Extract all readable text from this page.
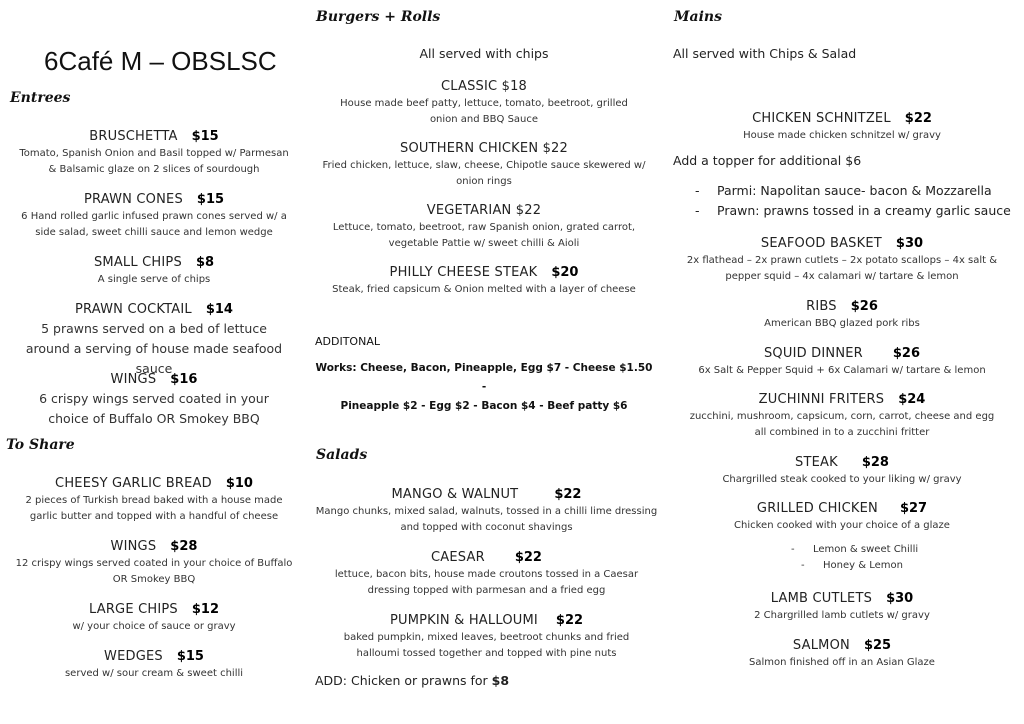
6Café M – OBSLSC
Entrees
BRUSCHETTA $15
Tomato, Spanish Onion and Basil topped w/ Parmesan & Balsamic glaze on 2 slices of sourdough
PRAWN CONES $15
6 Hand rolled garlic infused prawn cones served w/ a side salad, sweet chilli sauce and lemon wedge
SMALL CHIPS $8
A single serve of chips
PRAWN COCKTAIL $14
5 prawns served on a bed of lettuce around a serving of house made seafood sauce
WINGS $16
6 crispy wings served coated in your choice of Buffalo OR Smokey BBQ
To Share
CHEESY GARLIC BREAD $10
2 pieces of Turkish bread baked with a house made garlic butter and topped with a handful of cheese
WINGS $28
12 crispy wings served coated in your choice of Buffalo OR Smokey BBQ
LARGE CHIPS $12
w/ your choice of sauce or gravy
WEDGES $15
served w/ sour cream & sweet chilli
Burgers + Rolls
All served with chips
CLASSIC $18
House made beef patty, lettuce, tomato, beetroot, grilled onion and BBQ Sauce
SOUTHERN CHICKEN $22
Fried chicken, lettuce, slaw, cheese, Chipotle sauce skewered w/ onion rings
VEGETARIAN $22
Lettuce, tomato, beetroot, raw Spanish onion, grated carrot, vegetable Pattie w/ sweet chilli & Aioli
PHILLY CHEESE STEAK $20
Steak, fried capsicum & Onion melted with a layer of cheese
ADDITONAL
Works: Cheese, Bacon, Pineapple, Egg $7 - Cheese $1.50 -
Pineapple $2 - Egg $2 - Bacon $4 - Beef patty $6
Salads
MANGO & WALNUT	$22
Mango chunks, mixed salad, walnuts, tossed in a chilli lime dressing and topped with coconut shavings
CAESAR $22
lettuce, bacon bits, house made croutons tossed in a Caesar dressing topped with parmesan and a fried egg
PUMPKIN & HALLOUMI $22
baked pumpkin, mixed leaves, beetroot chunks and fried halloumi tossed together and topped with pine nuts
ADD: Chicken or prawns for $8
Mains
All served with Chips & Salad
CHICKEN SCHNITZEL $22
House made chicken schnitzel w/ gravy
Add a topper for additional $6
- Parmi: Napolitan sauce- bacon & Mozzarella
- Prawn: prawns tossed in a creamy garlic sauce
SEAFOOD BASKET $30
2x flathead – 2x prawn cutlets – 2x potato scallops – 4x salt & pepper squid – 4x calamari w/ tartare & lemon
RIBS $26
American BBQ glazed pork ribs
SQUID DINNER $26
6x Salt & Pepper Squid + 6x Calamari w/ tartare & lemon
ZUCHINNI FRITERS $24
zucchini, mushroom, capsicum, corn, carrot, cheese and egg all combined in to a zucchini fritter
STEAK $28
Chargrilled steak cooked to your liking w/ gravy
GRILLED CHICKEN $27
Chicken cooked with your choice of a glaze
- Lemon & sweet Chilli
- Honey & Lemon
LAMB CUTLETS $30
2 Chargrilled lamb cutlets w/ gravy
SALMON $25
Salmon finished off in an Asian Glaze
